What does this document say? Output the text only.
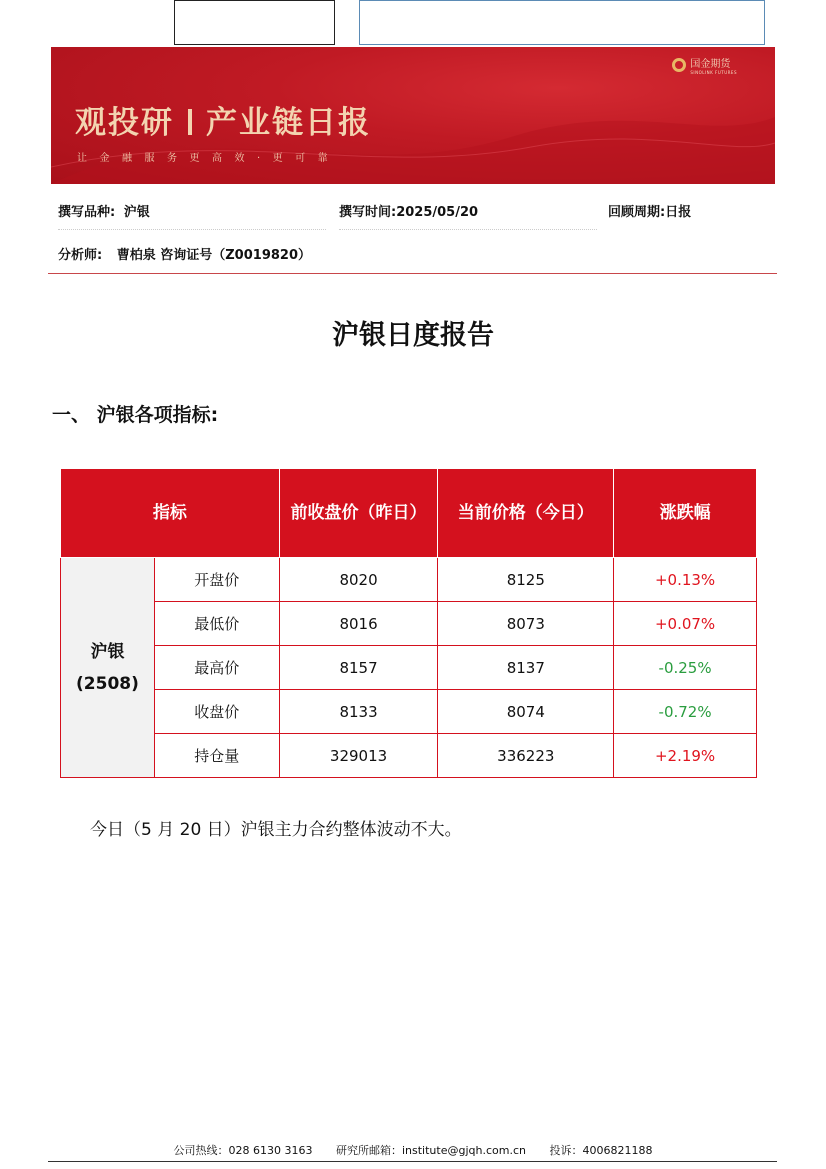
观投研 产业链日报
让金融服务更高效·更可靠
国金期货
SINOLINK FUTURES
撰写品种: 沪银	撰写时间:2025/05/20	回顾周期:日报
分析师: 曹柏泉 咨询证号（Z0019820）
沪银日度报告
一、 沪银各项指标:
指标		前收盘价（昨日）	当前价格（今日）	涨跌幅

沪银
(2508)	开盘价	8020	8125	+0.13%
	最低价	8016	8073	+0.07%
	最高价	8157	8137	-0.25%
	收盘价	8133	8074	-0.72%
	持仓量	329013	336223	+2.19%
今日（5 月 20 日）沪银主力合约整体波动不大。
公司热线：028 6130 3163 研究所邮箱：institute@gjqh.com.cn 投诉：4006821188
